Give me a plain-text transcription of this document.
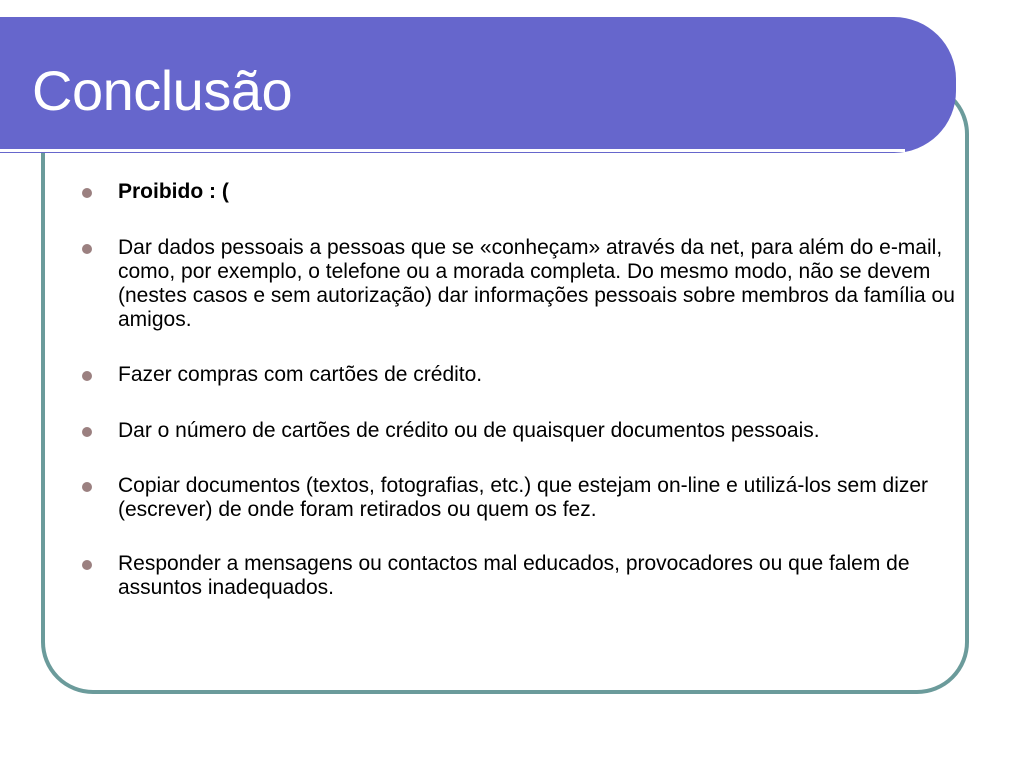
Conclusão
Proibido : (
Dar dados pessoais a pessoas que se «conheçam» através da net, para além do e-mail, como, por exemplo, o telefone ou a morada completa. Do mesmo modo, não se devem (nestes casos e sem autorização) dar informações pessoais sobre membros da família ou amigos.
Fazer compras com cartões de crédito.
Dar o número de cartões de crédito ou de quaisquer documentos pessoais.
Copiar documentos (textos, fotografias, etc.) que estejam on-line e utilizá-los sem dizer (escrever) de onde foram retirados ou quem os fez.
Responder a mensagens ou contactos mal educados, provocadores ou que falem de assuntos inadequados.
